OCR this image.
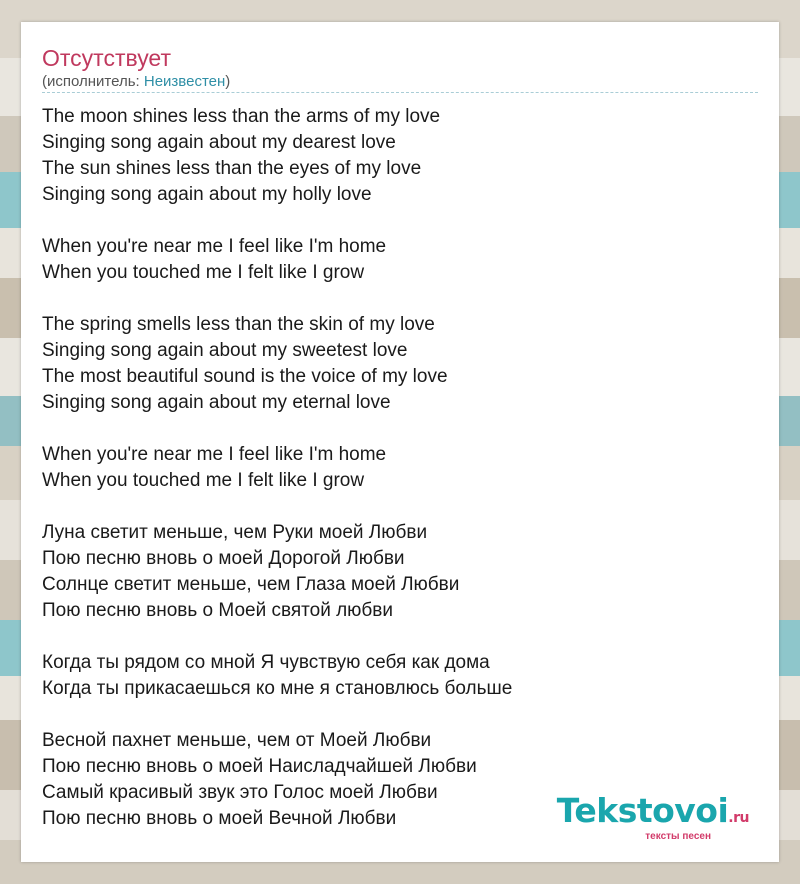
Отсутствует
(исполнитель: Неизвестен)
The moon shines less than the arms of my love
Singing song again about my dearest love
The sun shines less than the eyes of my love
Singing song again about my holly love
When you're near me I feel like I'm home
When you touched me I felt like I grow
The spring smells less than the skin of my love
Singing song again about my sweetest love
The most beautiful sound is the voice of my love
Singing song again about my eternal love
When you're near me I feel like I'm home
When you touched me I felt like I grow
Луна светит меньше, чем Руки моей Любви
Пою песню вновь о моей Дорогой Любви
Солнце светит меньше, чем Глаза моей Любви
Пою песню вновь о Моей святой любви
Когда ты рядом со мной Я чувствую себя как дома
Когда ты прикасаешься ко мне я становлюсь больше
Весной пахнет меньше, чем от Моей Любви
Пою песню вновь о моей Наисладчайшей Любви
Самый красивый звук это Голос моей Любви
Пою песню вновь о моей Вечной Любви	Tekstovoi.ru
тексты песен
